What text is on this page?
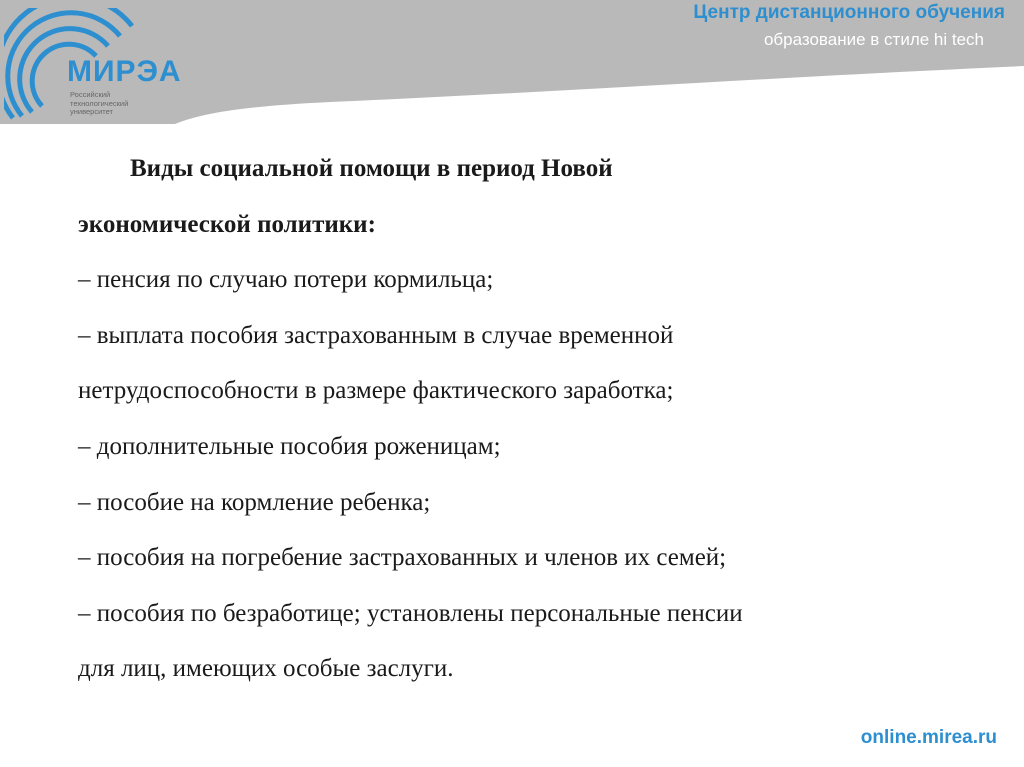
МИРЭА
Российский
технологический
университет
Центр дистанционного обучения
образование в стиле hi tech

Виды социальной помощи в период Новой

экономической политики:

– пенсия по случаю потери кормильца;

– выплата пособия застрахованным в случае временной

нетрудоспособности в размере фактического заработка;

– дополнительные пособия роженицам;

– пособие на кормление ребенка;

– пособия на погребение застрахованных и членов их семей;

– пособия по безработице; установлены персональные пенсии

для лиц, имеющих особые заслуги.

online.mirea.ru
